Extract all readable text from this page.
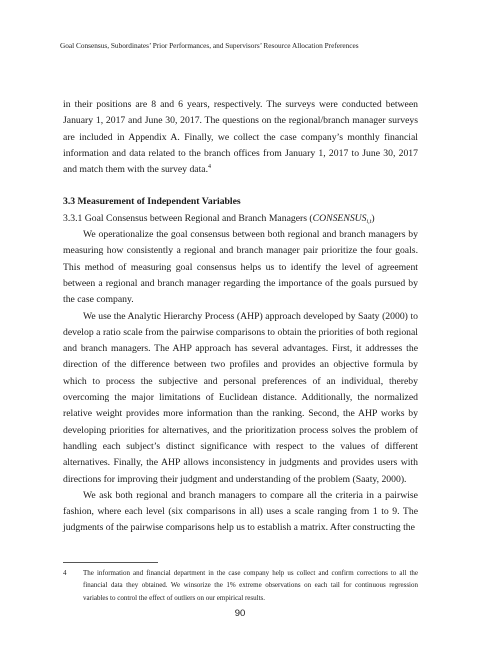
Goal Consensus, Subordinates’ Prior Performances, and Supervisors’ Resource Allocation Preferences

in their positions are 8 and 6 years, respectively. The surveys were conducted between January 1, 2017 and June 30, 2017. The questions on the regional/branch manager surveys are included in Appendix A. Finally, we collect the case company’s monthly financial information and data related to the branch offices from January 1, 2017 to June 30, 2017 and match them with the survey data.$^4$

3.3 Measurement of Independent Variables

3.3.1 Goal Consensus between Regional and Branch Managers $(CONSENSUS_{i,t})$

We operationalize the goal consensus between both regional and branch managers by measuring how consistently a regional and branch manager pair prioritize the four goals. This method of measuring goal consensus helps us to identify the level of agreement between a regional and branch manager regarding the importance of the goals pursued by the case company.

We use the Analytic Hierarchy Process (AHP) approach developed by Saaty (2000) to develop a ratio scale from the pairwise comparisons to obtain the priorities of both regional and branch managers. The AHP approach has several advantages. First, it addresses the direction of the difference between two profiles and provides an objective formula by which to process the subjective and personal preferences of an individual, thereby overcoming the major limitations of Euclidean distance. Additionally, the normalized relative weight provides more information than the ranking. Second, the AHP works by developing priorities for alternatives, and the prioritization process solves the problem of handling each subject’s distinct significance with respect to the values of different alternatives. Finally, the AHP allows inconsistency in judgments and provides users with directions for improving their judgment and understanding of the problem (Saaty, 2000).

We ask both regional and branch managers to compare all the criteria in a pairwise fashion, where each level (six comparisons in all) uses a scale ranging from 1 to 9. The judgments of the pairwise comparisons help us to establish a matrix. After constructing the

4	The information and financial department in the case company help us collect and confirm corrections to all the financial data they obtained. We winsorize the 1% extreme observations on each tail for continuous regression variables to control the effect of outliers on our empirical results.
90
